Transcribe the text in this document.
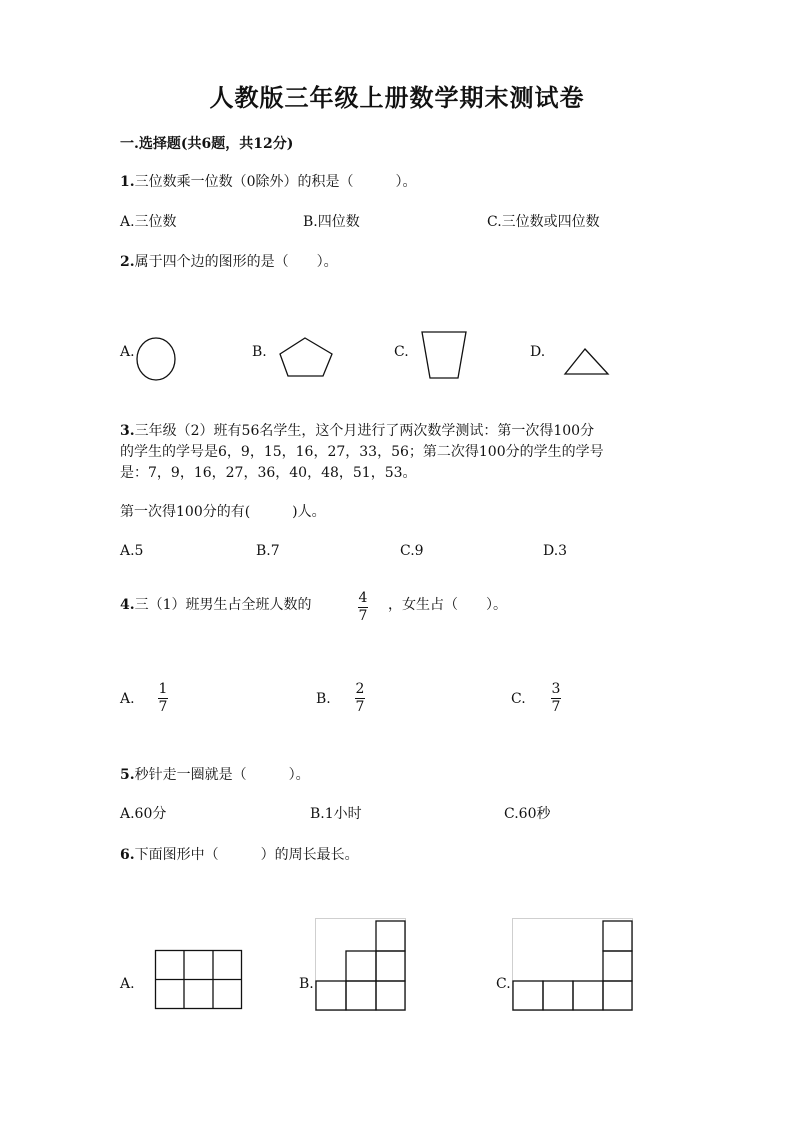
人教版三年级上册数学期末测试卷
一.选择题(共6题，共12分)
1.三位数乘一位数（0除外）的积是（　　　）。
A.三位数	B.四位数	C.三位数或四位数
2.属于四个边的图形的是（　　）。
A.	B.	C.	D.
3.三年级（2）班有56名学生，这个月进行了两次数学测试：第一次得100分
的学生的学号是6，9，15，16，27，33，56；第二次得100分的学生的学号
是：7，9，16，27，36，40，48，51，53。
第一次得100分的有(　　　)人。
A.5	B.7	C.9	D.3
4.三（1）班男生占全班人数的	4
7
，女生占（　　）。
A.
1
7	B.
2
7	C.
3
7
5.秒针走一圈就是（　　　）。
A.60分	B.1小时	C.60秒
6.下面图形中（　　　）的周长最长。
A.	B.	C.
